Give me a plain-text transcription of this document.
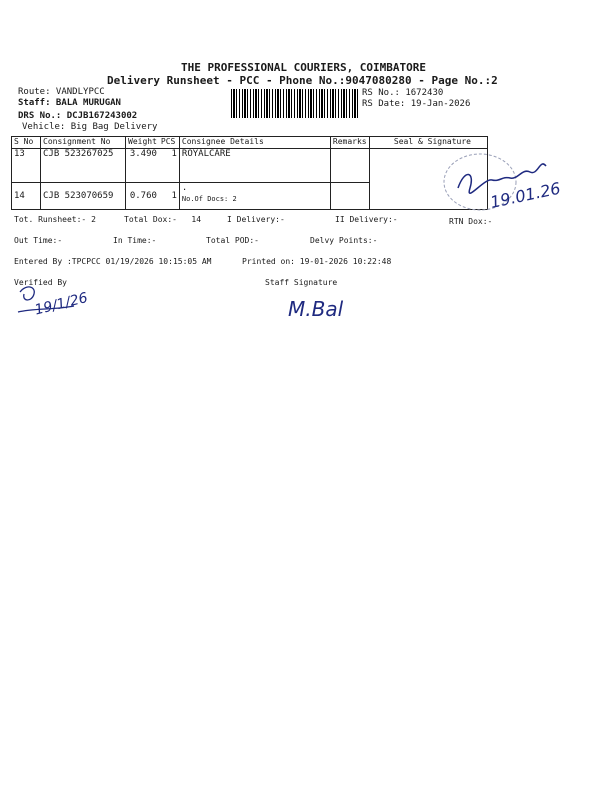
THE PROFESSIONAL COURIERS, COIMBATORE
Delivery Runsheet - PCC - Phone No.:9047080280 - Page No.:2
Route: VANDLYPCC
Staff: BALA MURUGAN
DRS No.: DCJB167243002
Vehicle: Big Bag Delivery
RS No.: 1672430
RS Date: 19-Jan-2026
S No	Consignment No	Weight	PCS	Consignee Details	Remarks	Seal & Signature
13	CJB 523267025	3.490	1	ROYALCARE		
14	CJB 523070659	0.760	1	.
No.Of Docs: 2		

Tot. Runsheet:- 2	Total Dox:-   14	I Delivery:-	II Delivery:-	RTN Dox:-
Out Time:-	In Time:-	Total POD:-	Delvy Points:-
Entered By :TPCPCC 01/19/2026 10:15:05 AM	Printed on: 19-01-2026 10:22:48
Verified By	Staff Signature
19.01.26
19/1/26	M.Bal
